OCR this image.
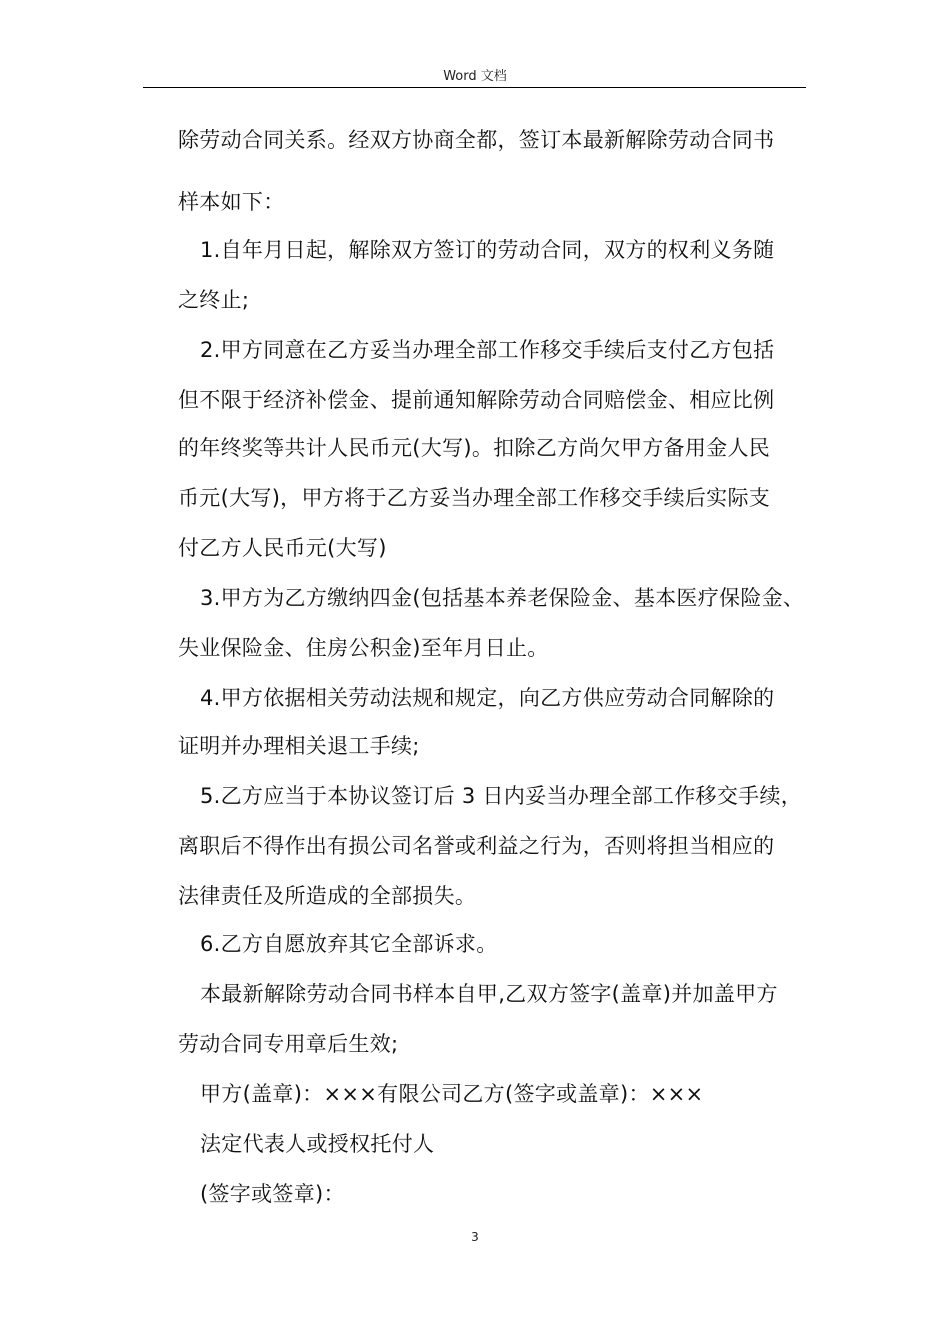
Word 文档
除劳动合同关系。经双方协商全都，签订本最新解除劳动合同书
样本如下：
1.自年月日起，解除双方签订的劳动合同，双方的权利义务随
之终止;
2.甲方同意在乙方妥当办理全部工作移交手续后支付乙方包括
但不限于经济补偿金、提前通知解除劳动合同赔偿金、相应比例
的年终奖等共计人民币元(大写)。扣除乙方尚欠甲方备用金人民
币元(大写)，甲方将于乙方妥当办理全部工作移交手续后实际支
付乙方人民币元(大写)
3.甲方为乙方缴纳四金(包括基本养老保险金、基本医疗保险金、
失业保险金、住房公积金)至年月日止。
4.甲方依据相关劳动法规和规定，向乙方供应劳动合同解除的
证明并办理相关退工手续;
5.乙方应当于本协议签订后 3 日内妥当办理全部工作移交手续，
离职后不得作出有损公司名誉或利益之行为，否则将担当相应的
法律责任及所造成的全部损失。
6.乙方自愿放弃其它全部诉求。
本最新解除劳动合同书样本自甲,乙双方签字(盖章)并加盖甲方
劳动合同专用章后生效;
甲方(盖章)：×××有限公司乙方(签字或盖章)：×××
法定代表人或授权托付人
(签字或签章)：
3
